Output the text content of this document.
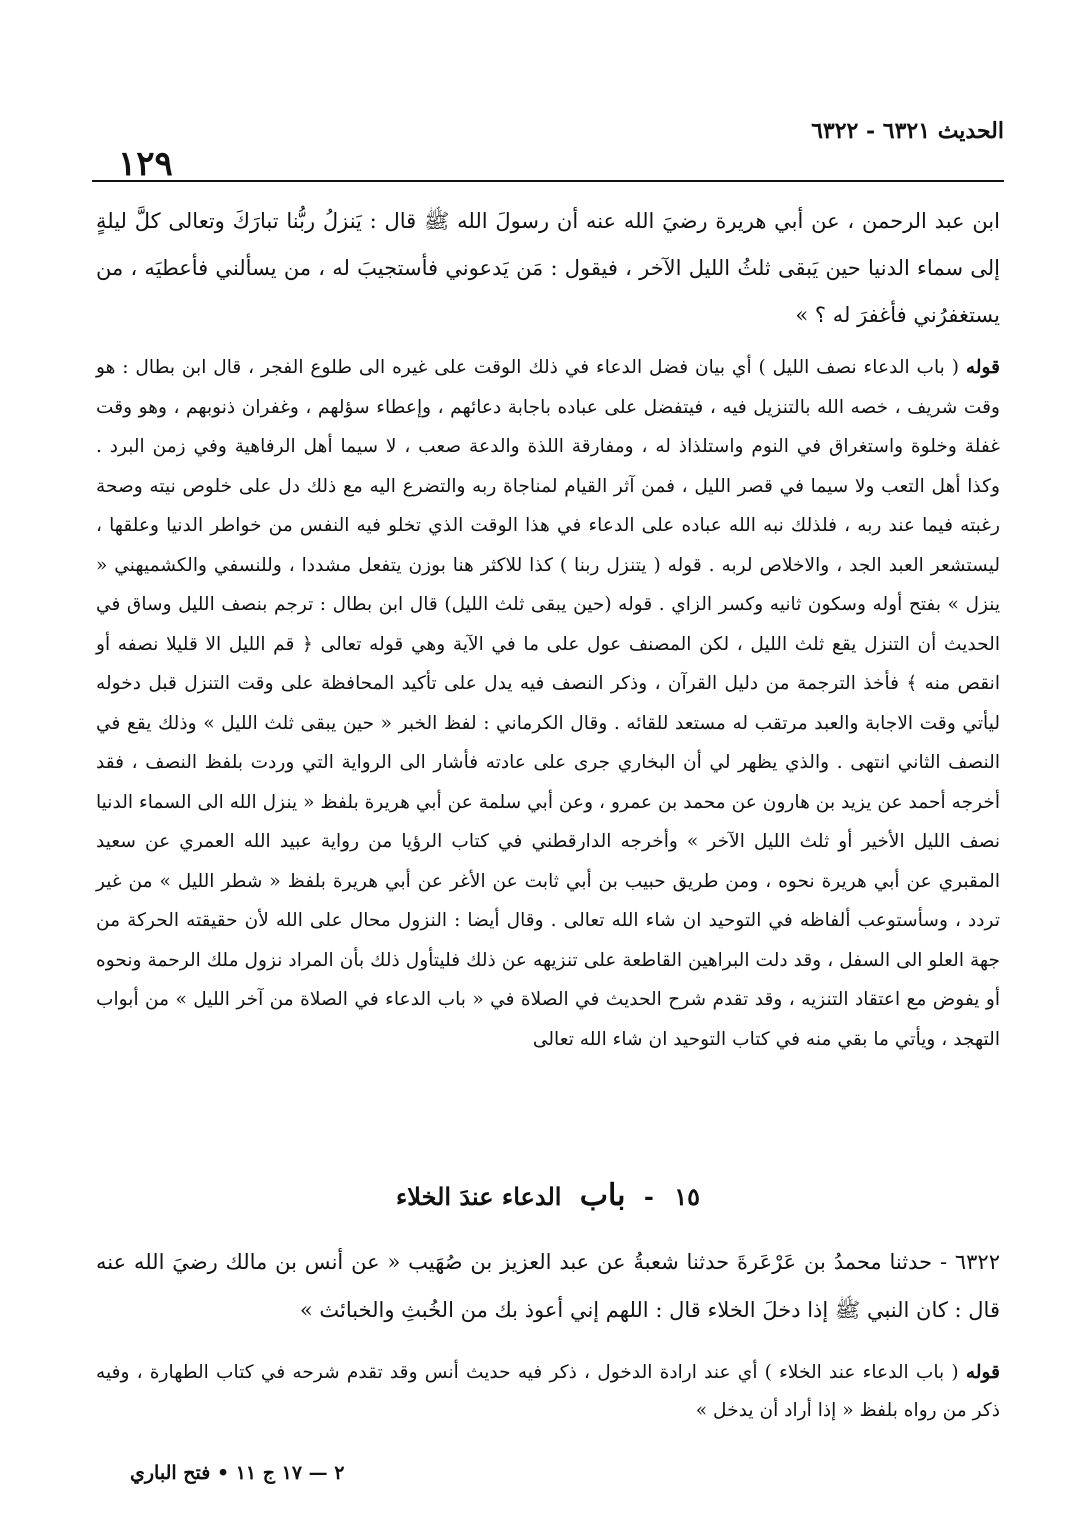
الحديث ٦٣٢١ - ٦٣٢٢
١٢٩

ابن عبد الرحمن ، عن أبي هريرة رضيَ الله عنه أن رسولَ الله ﷺ قال : يَنزلُ ربُّنا تبارَكَ وتعالى كلَّ ليلةٍ إلى سماء الدنيا حين يَبقى ثلثُ الليل الآخر ، فيقول : مَن يَدعوني فأستجيبَ له ، من يسألني فأعطيَه ، من يستغفرُني فأغفرَ له ؟ »

قوله ( باب الدعاء نصف الليل ) أي بيان فضل الدعاء في ذلك الوقت على غيره الى طلوع الفجر ، قال ابن بطال : هو وقت شريف ، خصه الله بالتنزيل فيه ، فيتفضل على عباده باجابة دعائهم ، وإعطاء سؤلهم ، وغفران ذنوبهم ، وهو وقت غفلة وخلوة واستغراق في النوم واستلذاذ له ، ومفارقة اللذة والدعة صعب ، لا سيما أهل الرفاهية وفي زمن البرد . وكذا أهل التعب ولا سيما في قصر الليل ، فمن آثر القيام لمناجاة ربه والتضرع اليه مع ذلك دل على خلوص نيته وصحة رغبته فيما عند ربه ، فلذلك نبه الله عباده على الدعاء في هذا الوقت الذي تخلو فيه النفس من خواطر الدنيا وعلقها ، ليستشعر العبد الجد ، والاخلاص لربه . قوله ( يتنزل ربنا ) كذا للاكثر هنا بوزن يتفعل مشددا ، وللنسفي والكشميهني « ينزل » بفتح أوله وسكون ثانيه وكسر الزاي . قوله (حين يبقى ثلث الليل) قال ابن بطال : ترجم بنصف الليل وساق في الحديث أن التنزل يقع ثلث الليل ، لكن المصنف عول على ما في الآية وهي قوله تعالى ﴿ قم الليل الا قليلا نصفه أو انقص منه ﴾ فأخذ الترجمة من دليل القرآن ، وذكر النصف فيه يدل على تأكيد المحافظة على وقت التنزل قبل دخوله ليأتي وقت الاجابة والعبد مرتقب له مستعد للقائه . وقال الكرماني : لفظ الخبر « حين يبقى ثلث الليل » وذلك يقع في النصف الثاني انتهى . والذي يظهر لي أن البخاري جرى على عادته فأشار الى الرواية التي وردت بلفظ النصف ، فقد أخرجه أحمد عن يزيد بن هارون عن محمد بن عمرو ، وعن أبي سلمة عن أبي هريرة بلفظ « ينزل الله الى السماء الدنيا نصف الليل الأخير أو ثلث الليل الآخر » وأخرجه الدارقطني في كتاب الرؤيا من رواية عبيد الله العمري عن سعيد المقبري عن أبي هريرة نحوه ، ومن طريق حبيب بن أبي ثابت عن الأغر عن أبي هريرة بلفظ « شطر الليل » من غير تردد ، وسأستوعب ألفاظه في التوحيد ان شاء الله تعالى . وقال أيضا : النزول محال على الله لأن حقيقته الحركة من جهة العلو الى السفل ، وقد دلت البراهين القاطعة على تنزيهه عن ذلك فليتأول ذلك بأن المراد نزول ملك الرحمة ونحوه أو يفوض مع اعتقاد التنزيه ، وقد تقدم شرح الحديث في الصلاة في « باب الدعاء في الصلاة من آخر الليل » من أبواب التهجد ، ويأتي ما بقي منه في كتاب التوحيد ان شاء الله تعالى

١٥ - باب الدعاء عندَ الخلاء

٦٣٢٢ - حدثنا محمدُ بن عَرْعَرةَ حدثنا شعبةُ عن عبد العزيز بن صُهَيب « عن أنس بن مالك رضيَ الله عنه قال : كان النبي ﷺ إذا دخلَ الخلاء قال : اللهم إني أعوذ بك من الخُبثِ والخبائث »

قوله ( باب الدعاء عند الخلاء ) أي عند ارادة الدخول ، ذكر فيه حديث أنس وقد تقدم شرحه في كتاب الطهارة ، وفيه ذكر من رواه بلفظ « إذا أراد أن يدخل »

٢ — ١٧ ج ١١ • فتح الباري
